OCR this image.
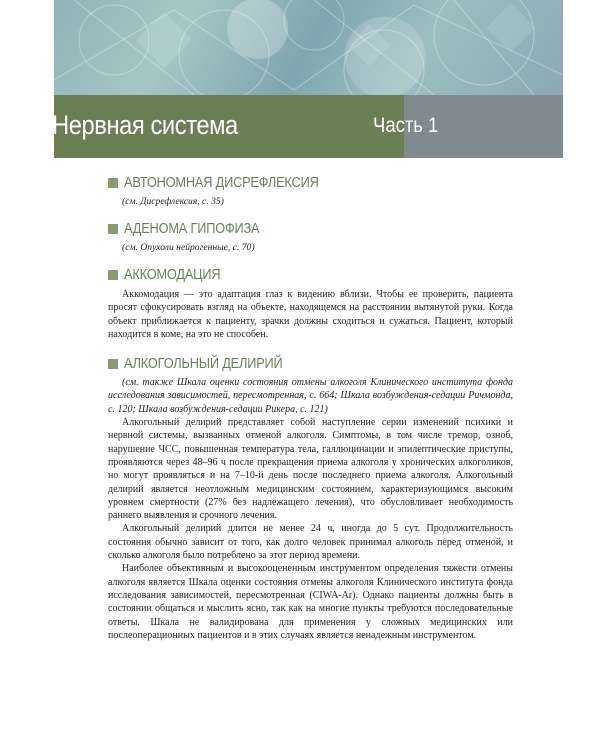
Нервная система	Часть 1
АВТОНОМНАЯ ДИСРЕФЛЕКСИЯ
(см. Дисрефлексия, с. 35)
АДЕНОМА ГИПОФИЗА
(см. Опухоли нейрогенные, с. 70)
АККОМОДАЦИЯ

Аккомодация — это адаптация глаз к видению вблизи. Чтобы ее проверить, пациента просят сфокусировать взгляд на объекте, находящемся на расстоянии вытянутой руки. Когда объект приближается к пациенту, зрачки должны сходиться и сужаться. Пациент, который находится в коме, на это не способен.

АЛКОГОЛЬНЫЙ ДЕЛИРИЙ
(см. также Шкала оценки состояния отмены алкоголя Клинического института фонда исследования зависимостей, пересмотренная, с. 664; Шкала возбуждения-седации Ричмонда, с. 120; Шкала возбуждения-седации Рикера, с. 121)

Алкогольный делирий представляет собой наступление серии изменений психики и нервной системы, вызванных отменой алкоголя. Симптомы, в том числе тремор, озноб, нарушение ЧСС, повышенная температура тела, галлюцинации и эпилептические приступы, проявляются через 48–96 ч после прекращения приема алкоголя у хронических алкоголиков, но могут проявляться и на 7–10-й день после последнего приема алкоголя. Алкогольный делирий является неотложным медицинским состоянием, характеризующимся высоким уровнем смертности (27% без надлежащего лечения), что обусловливает необходимость раннего выявления и срочного лечения.

Алкогольный делирий длится не менее 24 ч, иногда до 5 сут. Продолжительность состояния обычно зависит от того, как долго человек принимал алкоголь перед отменой, и сколько алкоголя было потреблено за этот период времени.

Наиболее объективным и высокооцененным инструментом определения тяжести отмены алкоголя является Шкала оценки состояния отмены алкоголя Клинического института фонда исследования зависимостей, пересмотренная (CIWA-Ar). Однако пациенты должны быть в состоянии общаться и мыслить ясно, так как на многие пункты требуются последовательные ответы. Шкала не валидирована для применения у сложных медицинских или послеоперационных пациентов и в этих случаях является ненадежным инструментом.
